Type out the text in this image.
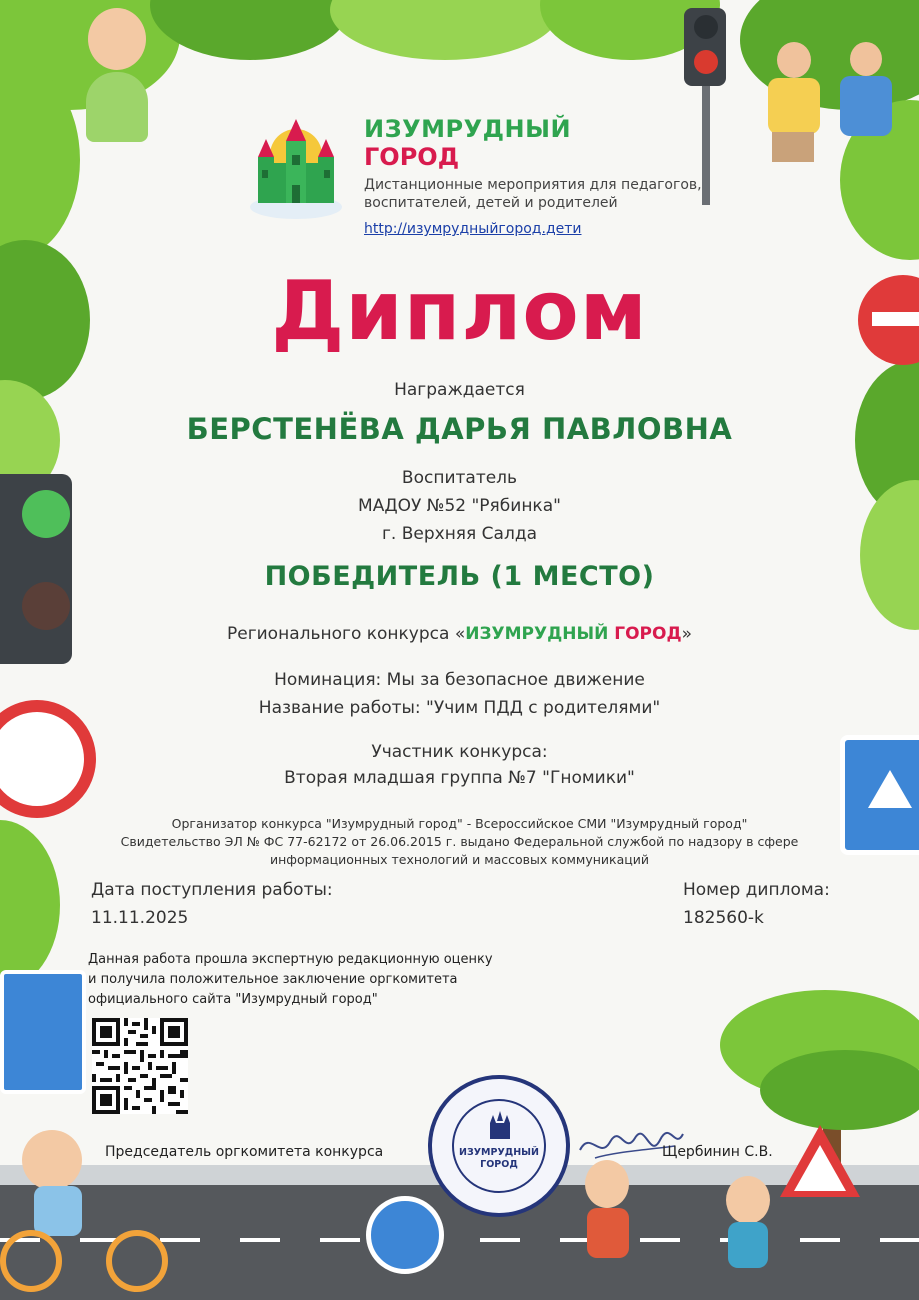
ИЗУМРУДНЫЙ
ГОРОД
Дистанционные мероприятия для педагогов,
воспитателей, детей и родителей
http://изумрудныйгород.дети
Диплом
Награждается
БЕРСТЕНЁВА ДАРЬЯ ПАВЛОВНА
Воспитатель
МАДОУ №52 "Рябинка"
г. Верхняя Салда
ПОБЕДИТЕЛЬ (1 МЕСТО)
Регионального конкурса «ИЗУМРУДНЫЙ ГОРОД»
Номинация: Мы за безопасное движение
Название работы: "Учим ПДД с родителями"
Участник конкурса:
Вторая младшая группа №7 "Гномики"
Организатор конкурса "Изумрудный город" - Всероссийское СМИ "Изумрудный город"
Свидетельство ЭЛ № ФС 77-62172 от 26.06.2015 г. выдано Федеральной службой по надзору в сфере
информационных технологий и массовых коммуникаций
Дата поступления работы:
11.11.2025
Номер диплома:
182560-k
Данная работа прошла экспертную редакционную оценку
и получила положительное заключение оргкомитета
официального сайта "Изумрудный город"
Председатель оргкомитета конкурса	Щербинин С.В.
ИЗУМРУДНЫЙ
ГОРОД
